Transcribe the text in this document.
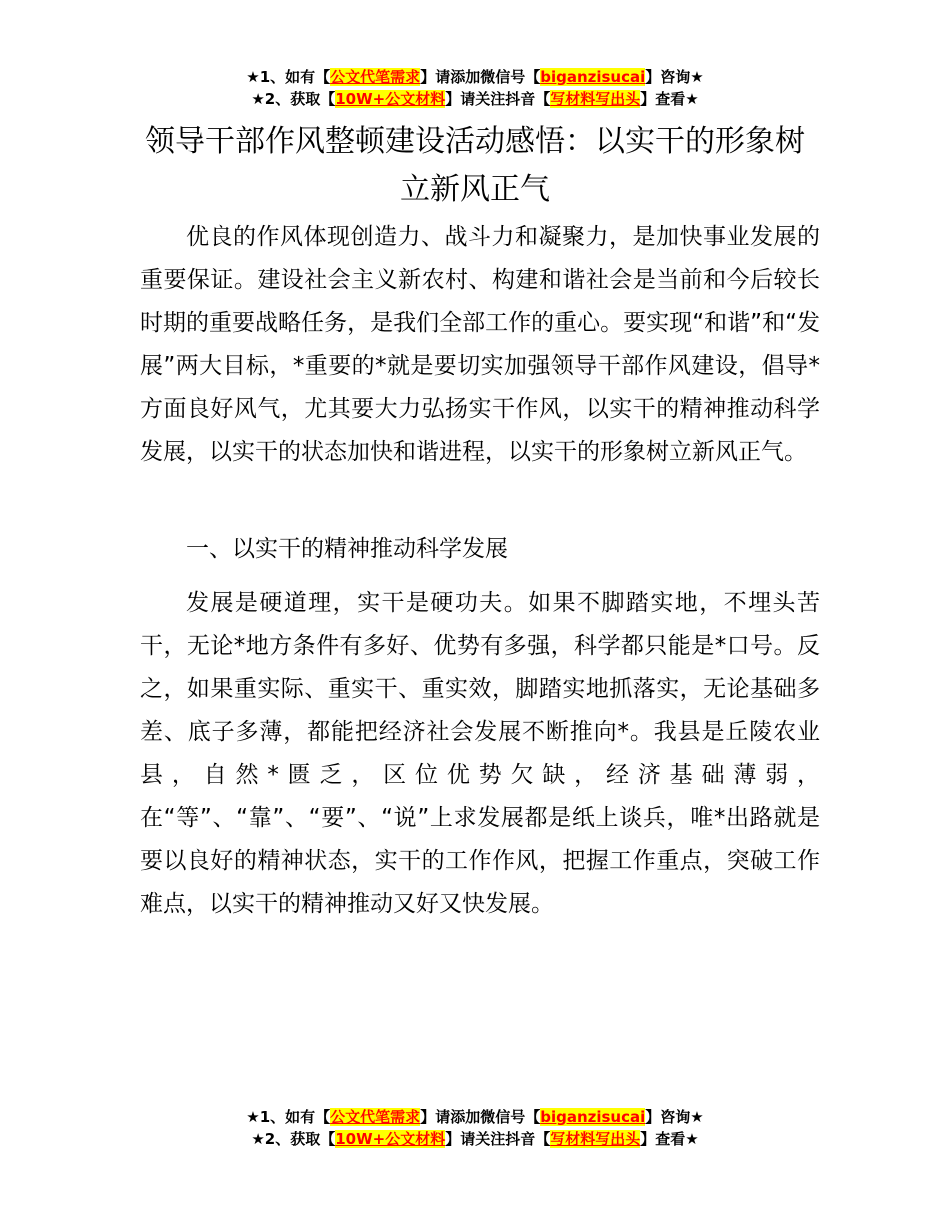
★1、如有【公文代笔需求】请添加微信号【biganzisucai】咨询★
★2、获取【10W+公文材料】请关注抖音【写材料写出头】查看★
领导干部作风整顿建设活动感悟：以实干的形象树立新风正气

优良的作风体现创造力、战斗力和凝聚力，是加快事业发展的重要保证。建设社会主义新农村、构建和谐社会是当前和今后较长时期的重要战略任务，是我们全部工作的重心。要实现“和谐”和“发展”两大目标，*重要的*就是要切实加强领导干部作风建设，倡导*方面良好风气，尤其要大力弘扬实干作风，以实干的精神推动科学发展，以实干的状态加快和谐进程，以实干的形象树立新风正气。

一、以实干的精神推动科学发展

发展是硬道理，实干是硬功夫。如果不脚踏实地，不埋头苦干，无论*地方条件有多好、优势有多强，科学都只能是*口号。反之，如果重实际、重实干、重实效，脚踏实地抓落实，无论基础多差、底子多薄，都能把经济社会发展不断推向*。我县是丘陵农业县，自然*匮乏，区位优势欠缺，经济基础薄弱，在“等”、“靠”、“要”、“说”上求发展都是纸上谈兵，唯*出路就是要以良好的精神状态，实干的工作作风，把握工作重点，突破工作难点，以实干的精神推动又好又快发展。

★1、如有【公文代笔需求】请添加微信号【biganzisucai】咨询★
★2、获取【10W+公文材料】请关注抖音【写材料写出头】查看★
